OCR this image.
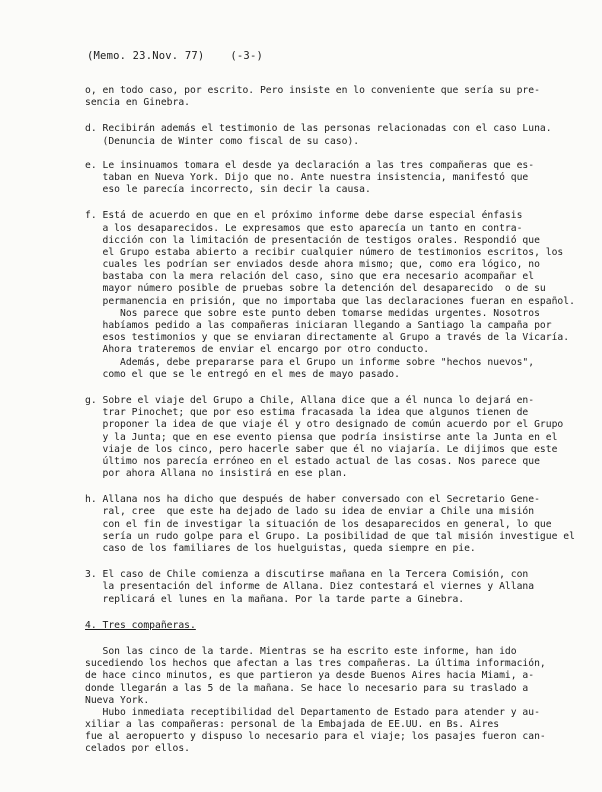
(Memo. 23.Nov. 77) (-3-)
o, en todo caso, por escrito. Pero insiste en lo conveniente que sería su pre-
sencia en Ginebra.
d. Recibirán además el testimonio de las personas relacionadas con el caso Luna.
(Denuncia de Winter como fiscal de su caso).
e. Le insinuamos tomara el desde ya declaración a las tres compañeras que es-
taban en Nueva York. Dijo que no. Ante nuestra insistencia, manifestó que
eso le parecía incorrecto, sin decir la causa.
f. Está de acuerdo en que en el próximo informe debe darse especial énfasis
a los desaparecidos. Le expresamos que esto aparecía un tanto en contra-
dicción con la limitación de presentación de testigos orales. Respondió que
el Grupo estaba abierto a recibir cualquier número de testimonios escritos, los
cuales les podrían ser enviados desde ahora mismo; que, como era lógico, no
bastaba con la mera relación del caso, sino que era necesario acompañar el
mayor número posible de pruebas sobre la detención del desaparecido  o de su
permanencia en prisión, que no importaba que las declaraciones fueran en español.
Nos parece que sobre este punto deben tomarse medidas urgentes. Nosotros
habíamos pedido a las compañeras iniciaran llegando a Santiago la campaña por
esos testimonios y que se enviaran directamente al Grupo a través de la Vicaría.
Ahora trateremos de enviar el encargo por otro conducto.
Además, debe prepararse para el Grupo un informe sobre "hechos nuevos",
como el que se le entregó en el mes de mayo pasado.
g. Sobre el viaje del Grupo a Chile, Allana dice que a él nunca lo dejará en-
trar Pinochet; que por eso estima fracasada la idea que algunos tienen de
proponer la idea de que viaje él y otro designado de común acuerdo por el Grupo
y la Junta; que en ese evento piensa que podría insistirse ante la Junta en el
viaje de los cinco, pero hacerle saber que él no viajaría. Le dijimos que este
último nos parecía erróneo en el estado actual de las cosas. Nos parece que
por ahora Allana no insistirá en ese plan.
h. Allana nos ha dicho que después de haber conversado con el Secretario Gene-
ral, cree  que este ha dejado de lado su idea de enviar a Chile una misión
con el fin de investigar la situación de los desaparecidos en general, lo que
sería un rudo golpe para el Grupo. La posibilidad de que tal misión investigue el
caso de los familiares de los huelguistas, queda siempre en pie.
3. El caso de Chile comienza a discutirse mañana en la Tercera Comisión, con
la presentación del informe de Allana. Diez contestará el viernes y Allana
replicará el lunes en la mañana. Por la tarde parte a Ginebra.
4. Tres compañeras.
Son las cinco de la tarde. Mientras se ha escrito este informe, han ido
sucediendo los hechos que afectan a las tres compañeras. La última información,
de hace cinco minutos, es que partieron ya desde Buenos Aires hacia Miami, a-
donde llegarán a las 5 de la mañana. Se hace lo necesario para su traslado a
Nueva York.
Hubo inmediata receptibilidad del Departamento de Estado para atender y au-
xiliar a las compañeras: personal de la Embajada de EE.UU. en Bs. Aires
fue al aeropuerto y dispuso lo necesario para el viaje; los pasajes fueron can-
celados por ellos.
